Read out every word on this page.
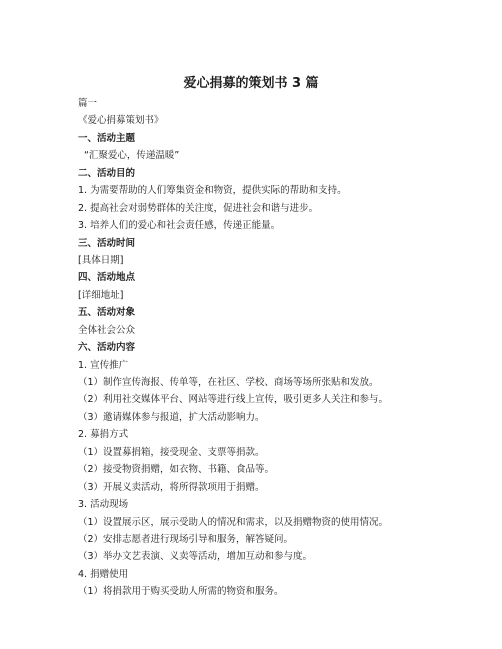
爱心捐募的策划书 3 篇

篇一

《爱心捐募策划书》

一、活动主题

“汇聚爱心，传递温暖”

二、活动目的

1. 为需要帮助的人们筹集资金和物资，提供实际的帮助和支持。

2. 提高社会对弱势群体的关注度，促进社会和谐与进步。

3. 培养人们的爱心和社会责任感，传递正能量。

三、活动时间

[具体日期]

四、活动地点

[详细地址]

五、活动对象

全体社会公众

六、活动内容

1. 宣传推广

（1）制作宣传海报、传单等，在社区、学校、商场等场所张贴和发放。

（2）利用社交媒体平台、网站等进行线上宣传，吸引更多人关注和参与。

（3）邀请媒体参与报道，扩大活动影响力。

2. 募捐方式

（1）设置募捐箱，接受现金、支票等捐款。

（2）接受物资捐赠，如衣物、书籍、食品等。

（3）开展义卖活动，将所得款项用于捐赠。

3. 活动现场

（1）设置展示区，展示受助人的情况和需求，以及捐赠物资的使用情况。

（2）安排志愿者进行现场引导和服务，解答疑问。

（3）举办文艺表演、义卖等活动，增加互动和参与度。

4. 捐赠使用

（1）将捐款用于购买受助人所需的物资和服务。
